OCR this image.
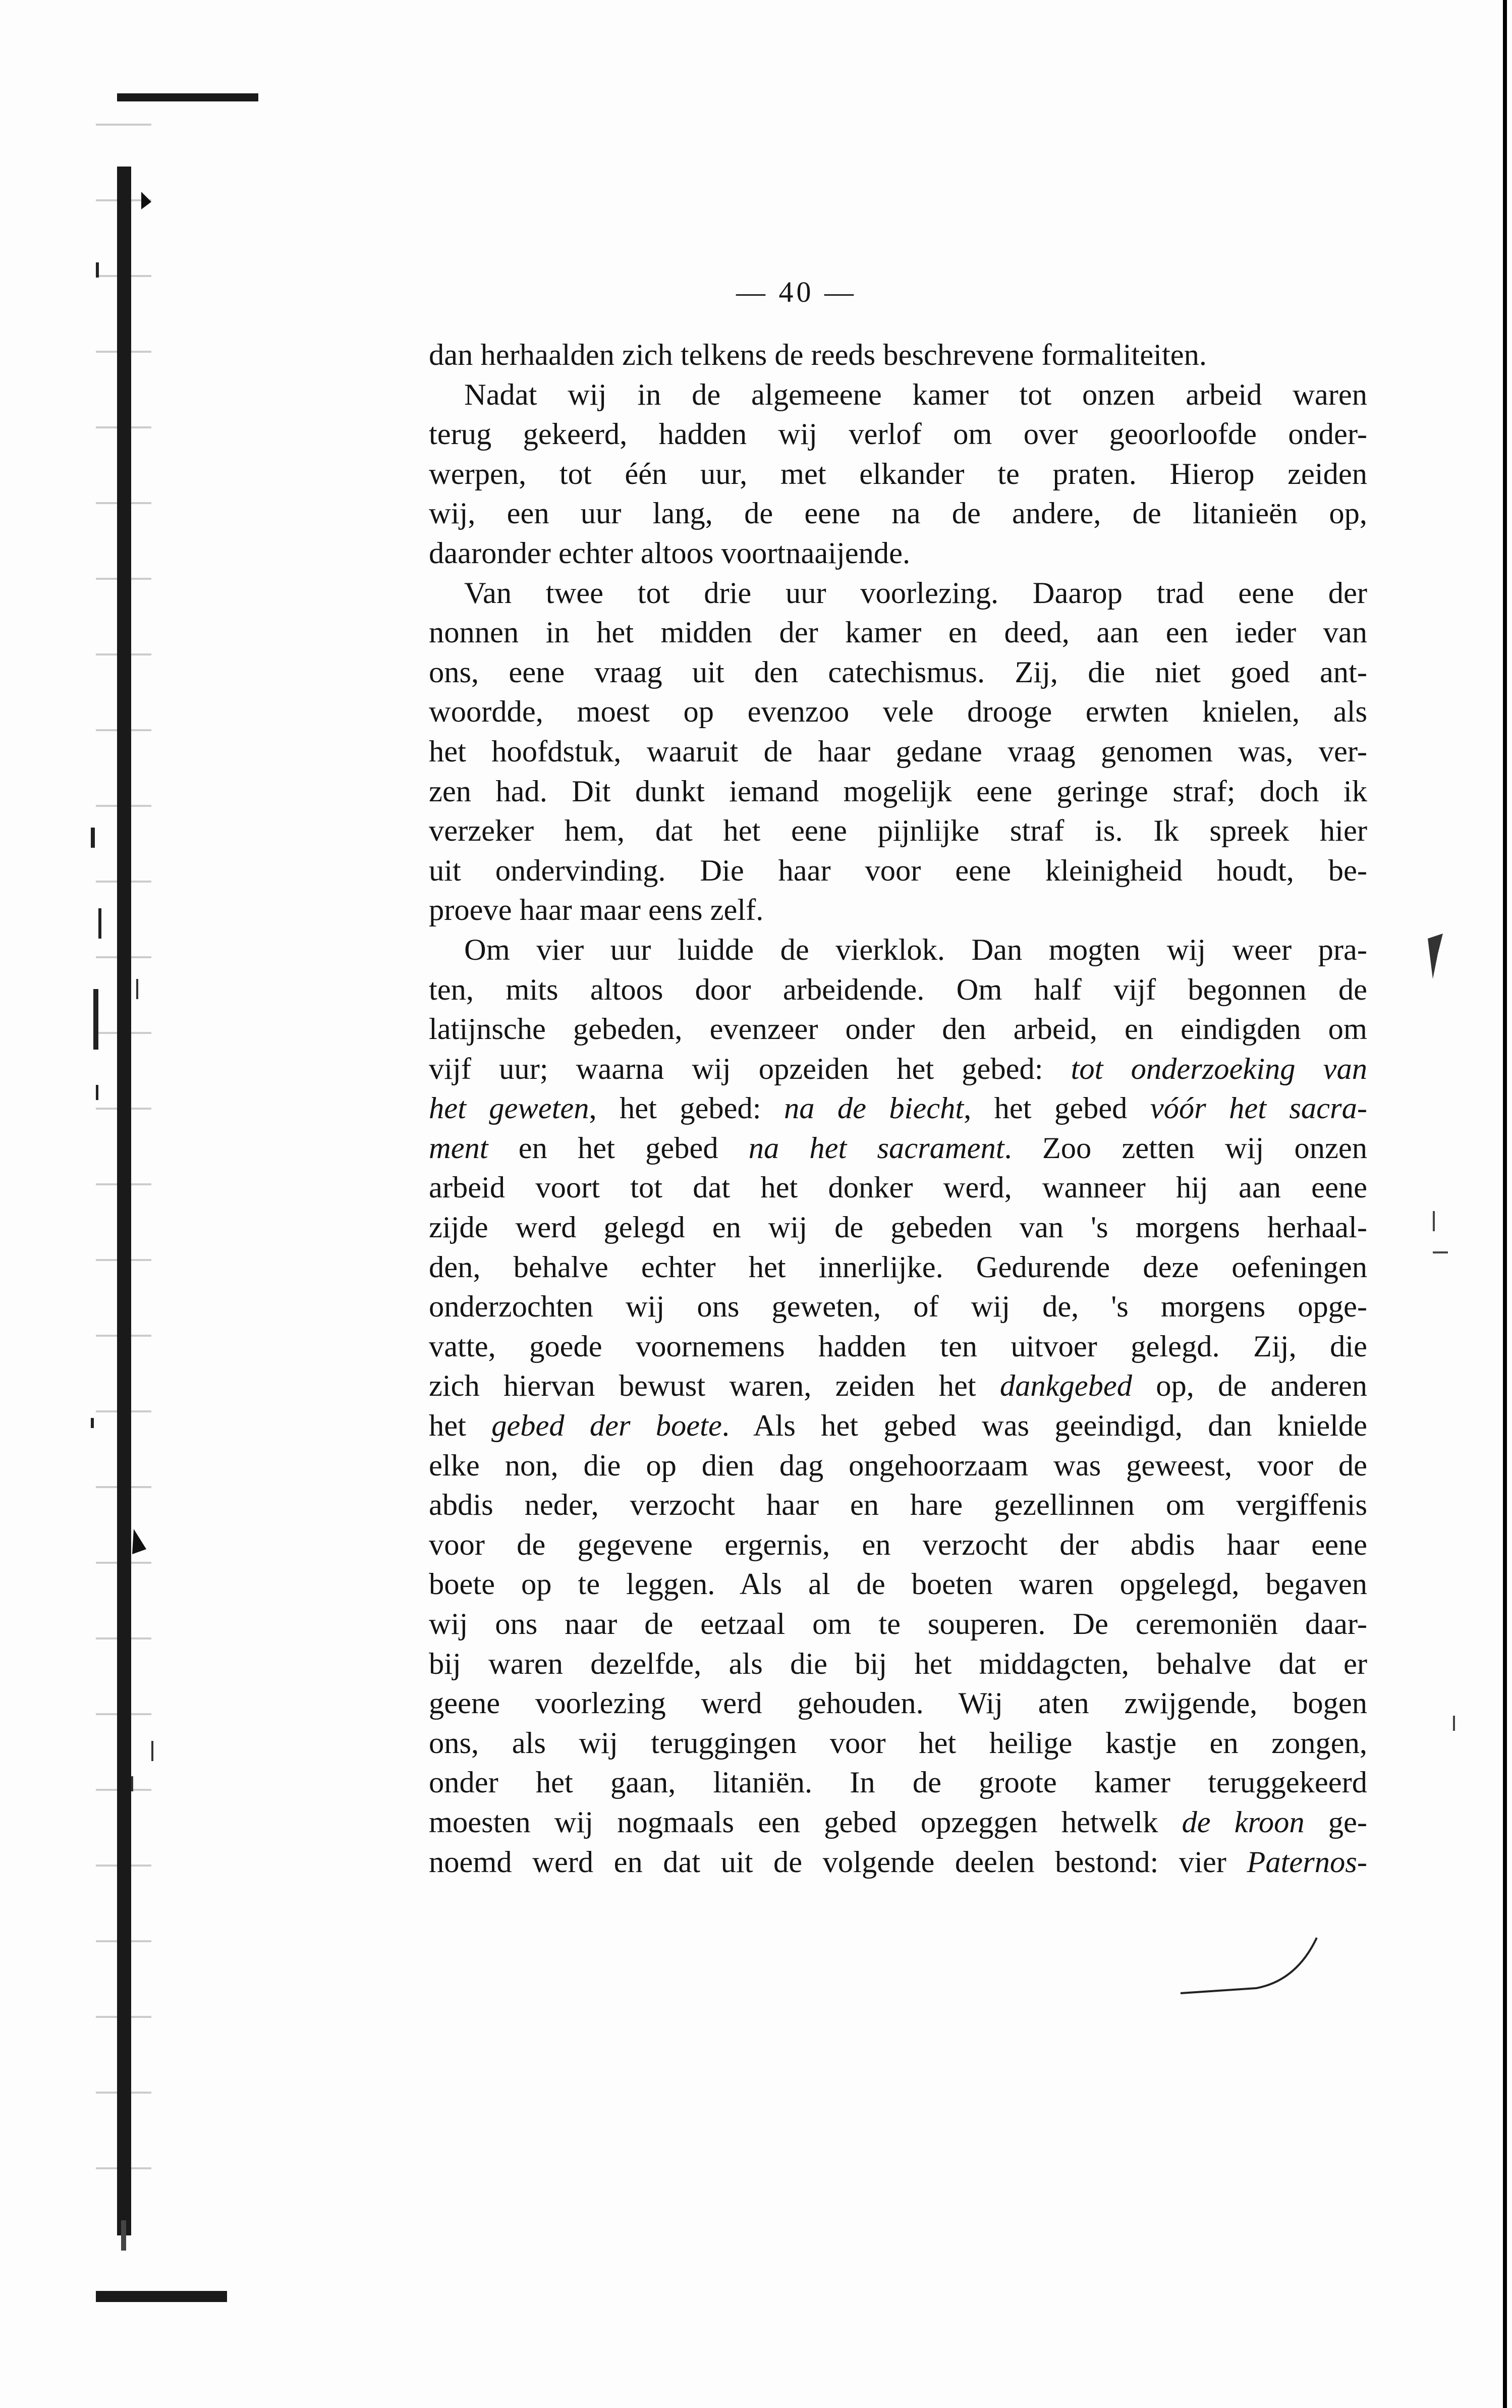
— 40 —
dan herhaalden zich telkens de reeds beschrevene formaliteiten.
Nadat wij in de algemeene kamer tot onzen arbeid waren
terug gekeerd, hadden wij verlof om over geoorloofde onder-
werpen, tot één uur, met elkander te praten. Hierop zeiden
wij, een uur lang, de eene na de andere, de litanieën op,
daaronder echter altoos voortnaaijende.
Van twee tot drie uur voorlezing. Daarop trad eene der
nonnen in het midden der kamer en deed, aan een ieder van
ons, eene vraag uit den catechismus. Zij, die niet goed ant-
woordde, moest op evenzoo vele drooge erwten knielen, als
het hoofdstuk, waaruit de haar gedane vraag genomen was, ver-
zen had. Dit dunkt iemand mogelijk eene geringe straf; doch ik
verzeker hem, dat het eene pijnlijke straf is. Ik spreek hier
uit ondervinding. Die haar voor eene kleinigheid houdt, be-
proeve haar maar eens zelf.
Om vier uur luidde de vierklok. Dan mogten wij weer pra-
ten, mits altoos door arbeidende. Om half vijf begonnen de
latijnsche gebeden, evenzeer onder den arbeid, en eindigden om
vijf uur; waarna wij opzeiden het gebed: tot onderzoeking van
het geweten, het gebed: na de biecht, het gebed vóór het sacra-
ment en het gebed na het sacrament. Zoo zetten wij onzen
arbeid voort tot dat het donker werd, wanneer hij aan eene
zijde werd gelegd en wij de gebeden van 's morgens herhaal-
den, behalve echter het innerlijke. Gedurende deze oefeningen
onderzochten wij ons geweten, of wij de, 's morgens opge-
vatte, goede voornemens hadden ten uitvoer gelegd. Zij, die
zich hiervan bewust waren, zeiden het dankgebed op, de anderen
het gebed der boete. Als het gebed was geeindigd, dan knielde
elke non, die op dien dag ongehoorzaam was geweest, voor de
abdis neder, verzocht haar en hare gezellinnen om vergiffenis
voor de gegevene ergernis, en verzocht der abdis haar eene
boete op te leggen. Als al de boeten waren opgelegd, begaven
wij ons naar de eetzaal om te souperen. De ceremoniën daar-
bij waren dezelfde, als die bij het middagcten, behalve dat er
geene voorlezing werd gehouden. Wij aten zwijgende, bogen
ons, als wij teruggingen voor het heilige kastje en zongen,
onder het gaan, litaniën. In de groote kamer teruggekeerd
moesten wij nogmaals een gebed opzeggen hetwelk de kroon ge-
noemd werd en dat uit de volgende deelen bestond: vier Paternos-
